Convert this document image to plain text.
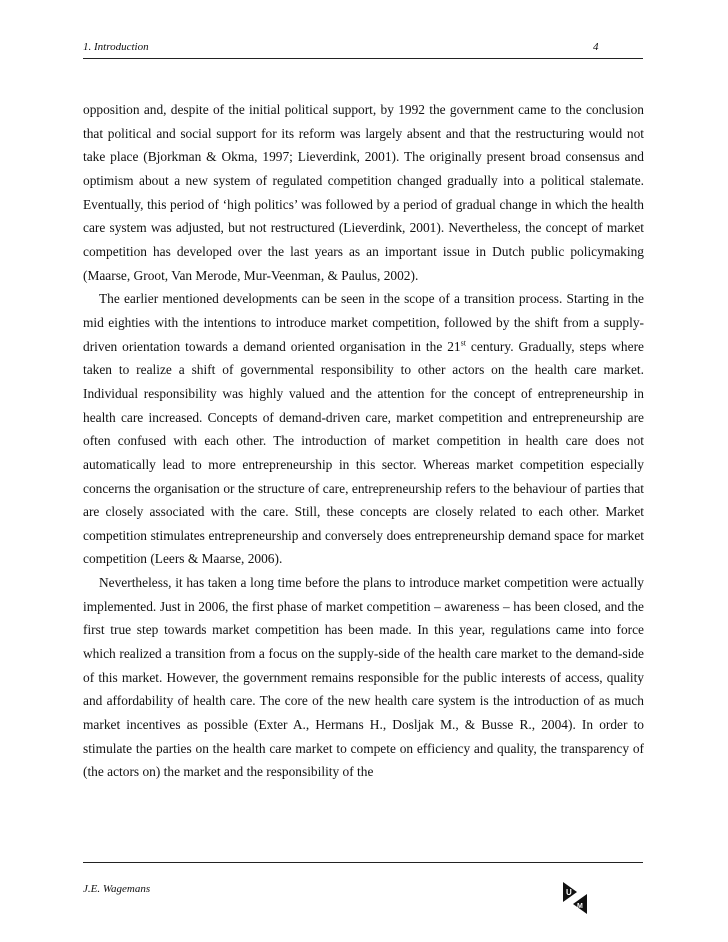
1. Introduction	4

opposition and, despite of the initial political support, by 1992 the government came to the conclusion that political and social support for its reform was largely absent and that the restructuring would not take place (Bjorkman & Okma, 1997; Lieverdink, 2001). The originally present broad consensus and optimism about a new system of regulated competition changed gradually into a political stalemate. Eventually, this period of ‘high politics’ was followed by a period of gradual change in which the health care system was adjusted, but not restructured (Lieverdink, 2001). Nevertheless, the concept of market competition has developed over the last years as an important issue in Dutch public policymaking (Maarse, Groot, Van Merode, Mur-Veenman, & Paulus, 2002).

The earlier mentioned developments can be seen in the scope of a transition process. Starting in the mid eighties with the intentions to introduce market competition, followed by the shift from a supply-driven orientation towards a demand oriented organisation in the 21st century. Gradually, steps where taken to realize a shift of governmental responsibility to other actors on the health care market. Individual responsibility was highly valued and the attention for the concept of entrepreneurship in health care increased. Concepts of demand-driven care, market competition and entrepreneurship are often confused with each other. The introduction of market competition in health care does not automatically lead to more entrepreneurship in this sector. Whereas market competition especially concerns the organisation or the structure of care, entrepreneurship refers to the behaviour of parties that are closely associated with the care. Still, these concepts are closely related to each other. Market competition stimulates entrepreneurship and conversely does entrepreneurship demand space for market competition (Leers & Maarse, 2006).

Nevertheless, it has taken a long time before the plans to introduce market competition were actually implemented. Just in 2006, the first phase of market competition – awareness – has been closed, and the first true step towards market competition has been made. In this year, regulations came into force which realized a transition from a focus on the supply-side of the health care market to the demand-side of this market. However, the government remains responsible for the public interests of access, quality and affordability of health care. The core of the new health care system is the introduction of as much market incentives as possible (Exter A., Hermans H., Dosljak M., & Busse R., 2004). In order to stimulate the parties on the health care market to compete on efficiency and quality, the transparency of (the actors on) the market and the responsibility of the

J.E. Wagemans	U
M
